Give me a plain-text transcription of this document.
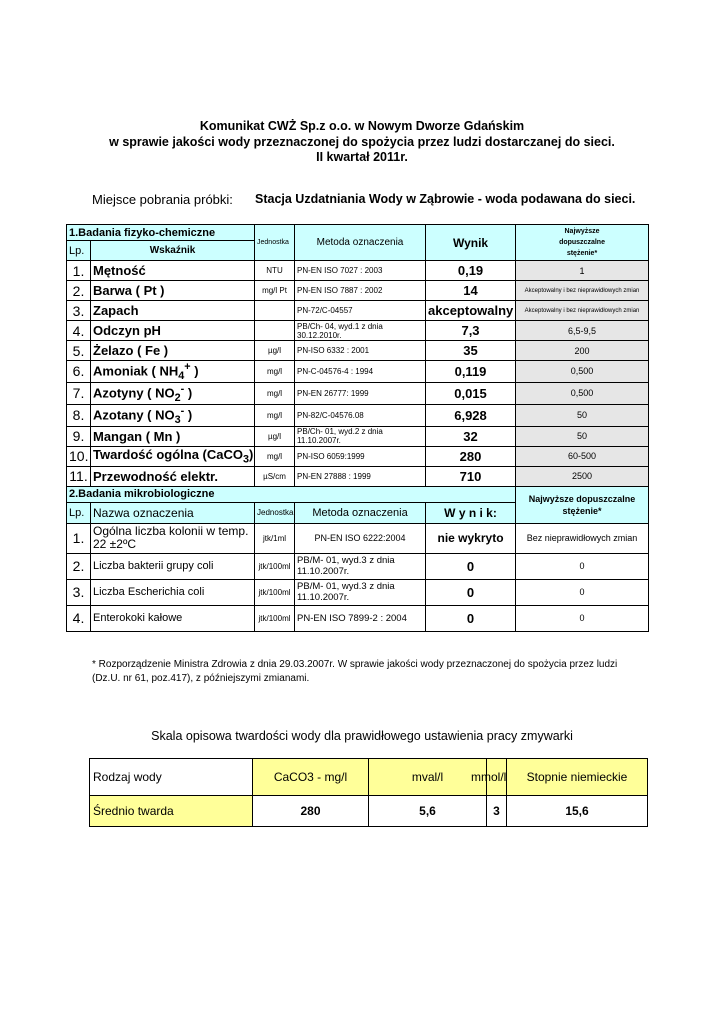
Komunikat CWŻ Sp.z o.o. w Nowym Dworze Gdańskim
w sprawie jakości wody przeznaczonej do spożycia przez ludzi dostarczanej do sieci.
II kwartał 2011r.
Miejsce pobrania próbki: Stacja Uzdatniania Wody w Ząbrowie - woda podawana do sieci.
1.Badania fizyko-chemiczne		Jednostka	Metoda oznaczenia	Wynik	Najwyższe
dopuszczalne
stężenie*

Lp.	Wskaźnik				
1.	Mętność	NTU	PN-EN ISO 7027 : 2003	0,19	1
2.	Barwa ( Pt )	mg/l Pt	PN-EN ISO 7887 : 2002	14	Akceptowalny i bez nieprawidłowych zmian
3.	Zapach		PN-72/C-04557	akceptowalny	Akceptowalny i bez nieprawidłowych zmian
4.	Odczyn pH		PB/Ch- 04, wyd.1 z dnia 30.12.2010r.	7,3	6,5-9,5
5.	Żelazo ( Fe )	µg/l	PN-ISO 6332 : 2001	35	200
6.	Amoniak ( $NH_4^+$ )	mg/l	PN-C-04576-4 : 1994	0,119	0,500
7.	Azotyny ( $NO_2^-$ )	mg/l	PN-EN 26777: 1999	0,015	0,500
8.	Azotany ( $NO_3^-$ )	mg/l	PN-82/C-04576.08	6,928	50
9.	Mangan ( Mn )	µg/l	PB/Ch- 01, wyd.2 z dnia 11.10.2007r.	32	50
10.	Twardość ogólna (CaCO$_3$)	mg/l	PN-ISO 6059:1999	280	60-500
11.	Przewodność elektr.	µS/cm	PN-EN 27888 : 1999	710	2500
2.Badania mikrobiologiczne					Najwyższe dopuszczalne stężenie*
Lp.	Nazwa oznaczenia	Jednostka	Metoda oznaczenia	W y n i k:	
1.	Ogólna liczba kolonii w temp. 22 ±2ºC	jtk/1ml	PN-EN ISO 6222:2004	nie wykryto	Bez nieprawidłowych zmian
2.	Liczba bakterii grupy coli	jtk/100ml	PB/M- 01, wyd.3 z dnia 11.10.2007r.	0	0
3.	Liczba Escherichia coli	jtk/100ml	PB/M- 01, wyd.3 z dnia 11.10.2007r.	0	0
4.	Enterokoki kałowe	jtk/100ml	PN-EN ISO 7899-2 : 2004	0	0
* Rozporządzenie Ministra Zdrowia z dnia 29.03.2007r. W sprawie jakości wody przeznaczonej do spożycia przez ludzi (Dz.U. nr 61, poz.417), z późniejszymi zmianami.
Skala opisowa twardości wody dla prawidłowego ustawienia pracy zmywarki
Rodzaj wody	CaCO3 - mg/l	mval/l	mmol/l	Stopnie niemieckie
Średnio twarda	280	5,6	3	15,6
